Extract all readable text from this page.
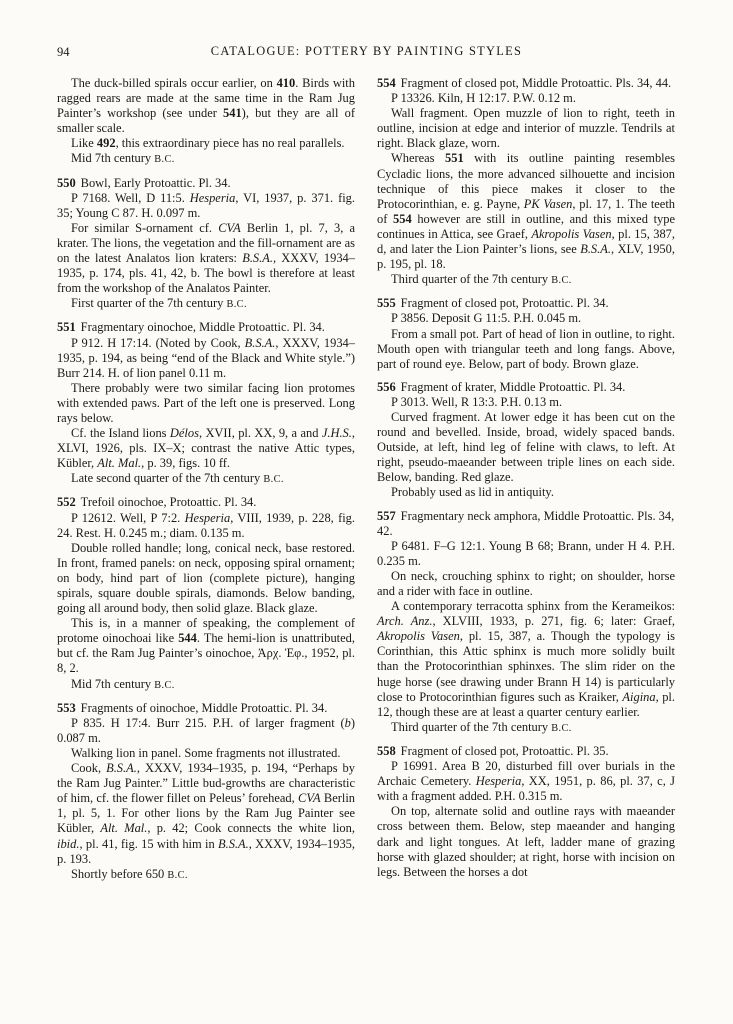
94	CATALOGUE: POTTERY BY PAINTING STYLES

The duck-billed spirals occur earlier, on 410. Birds with ragged rears are made at the same time in the Ram Jug Painter’s workshop (see under 541), but they are all of smaller scale.

Like 492, this extraordinary piece has no real parallels.

Mid 7th century B.C.

550 Bowl, Early Protoattic. Pl. 34.

P 7168. Well, D 11:5. Hesperia, VI, 1937, p. 371. fig. 35; Young C 87. H. 0.097 m.

For similar S-ornament cf. CVA Berlin 1, pl. 7, 3, a krater. The lions, the vegetation and the fill-ornament are as on the latest Analatos lion kraters: B.S.A., XXXV, 1934–1935, p. 174, pls. 41, 42, b. The bowl is therefore at least from the workshop of the Analatos Painter.

First quarter of the 7th century B.C.

551 Fragmentary oinochoe, Middle Protoattic. Pl. 34.

P 912. H 17:14. (Noted by Cook, B.S.A., XXXV, 1934–1935, p. 194, as being “end of the Black and White style.”) Burr 214. H. of lion panel 0.11 m.

There probably were two similar facing lion protomes with extended paws. Part of the left one is preserved. Long rays below.

Cf. the Island lions Délos, XVII, pl. XX, 9, a and J.H.S., XLVI, 1926, pls. IX–X; contrast the native Attic types, Kübler, Alt. Mal., p. 39, figs. 10 ff.

Late second quarter of the 7th century B.C.

552 Trefoil oinochoe, Protoattic. Pl. 34.

P 12612. Well, P 7:2. Hesperia, VIII, 1939, p. 228, fig. 24. Rest. H. 0.245 m.; diam. 0.135 m.

Double rolled handle; long, conical neck, base restored. In front, framed panels: on neck, opposing spiral ornament; on body, hind part of lion (complete picture), hanging spirals, square double spirals, diamonds. Below banding, going all around body, then solid glaze. Black glaze.

This is, in a manner of speaking, the complement of protome oinochoai like 544. The hemi-lion is unattributed, but cf. the Ram Jug Painter’s oinochoe, Ἀρχ. Ἐφ., 1952, pl. 8, 2.

Mid 7th century B.C.

553 Fragments of oinochoe, Middle Protoattic. Pl. 34.

P 835. H 17:4. Burr 215. P.H. of larger fragment (b) 0.087 m.

Walking lion in panel. Some fragments not illustrated.

Cook, B.S.A., XXXV, 1934–1935, p. 194, “Perhaps by the Ram Jug Painter.” Little bud-growths are characteristic of him, cf. the flower fillet on Peleus’ forehead, CVA Berlin 1, pl. 5, 1. For other lions by the Ram Jug Painter see Kübler, Alt. Mal., p. 42; Cook connects the white lion, ibid., pl. 41, fig. 15 with him in B.S.A., XXXV, 1934–1935, p. 193.

Shortly before 650 B.C.

554 Fragment of closed pot, Middle Protoattic. Pls. 34, 44.

P 13326. Kiln, H 12:17. P.W. 0.12 m.

Wall fragment. Open muzzle of lion to right, teeth in outline, incision at edge and interior of muzzle. Tendrils at right. Black glaze, worn.

Whereas 551 with its outline painting resembles Cycladic lions, the more advanced silhouette and incision technique of this piece makes it closer to the Protocorinthian, e. g. Payne, PK Vasen, pl. 17, 1. The teeth of 554 however are still in outline, and this mixed type continues in Attica, see Graef, Akropolis Vasen, pl. 15, 387, d, and later the Lion Painter’s lions, see B.S.A., XLV, 1950, p. 195, pl. 18.

Third quarter of the 7th century B.C.

555 Fragment of closed pot, Protoattic. Pl. 34.

P 3856. Deposit G 11:5. P.H. 0.045 m.

From a small pot. Part of head of lion in outline, to right. Mouth open with triangular teeth and long fangs. Above, part of round eye. Below, part of body. Brown glaze.

556 Fragment of krater, Middle Protoattic. Pl. 34.

P 3013. Well, R 13:3. P.H. 0.13 m.

Curved fragment. At lower edge it has been cut on the round and bevelled. Inside, broad, widely spaced bands. Outside, at left, hind leg of feline with claws, to left. At right, pseudo-maeander between triple lines on each side. Below, banding. Red glaze.

Probably used as lid in antiquity.

557 Fragmentary neck amphora, Middle Protoattic. Pls. 34, 42.

P 6481. F–G 12:1. Young B 68; Brann, under H 4. P.H. 0.235 m.

On neck, crouching sphinx to right; on shoulder, horse and a rider with face in outline.

A contemporary terracotta sphinx from the Kerameikos: Arch. Anz., XLVIII, 1933, p. 271, fig. 6; later: Graef, Akropolis Vasen, pl. 15, 387, a. Though the typology is Corinthian, this Attic sphinx is much more solidly built than the Protocorinthian sphinxes. The slim rider on the huge horse (see drawing under Brann H 14) is particularly close to Protocorinthian figures such as Kraiker, Aigina, pl. 12, though these are at least a quarter century earlier.

Third quarter of the 7th century B.C.

558 Fragment of closed pot, Protoattic. Pl. 35.

P 16991. Area B 20, disturbed fill over burials in the Archaic Cemetery. Hesperia, XX, 1951, p. 86, pl. 37, c, J with a fragment added. P.H. 0.315 m.

On top, alternate solid and outline rays with maeander cross between them. Below, step maeander and hanging dark and light tongues. At left, ladder mane of grazing horse with glazed shoulder; at right, horse with incision on legs. Between the horses a dot
